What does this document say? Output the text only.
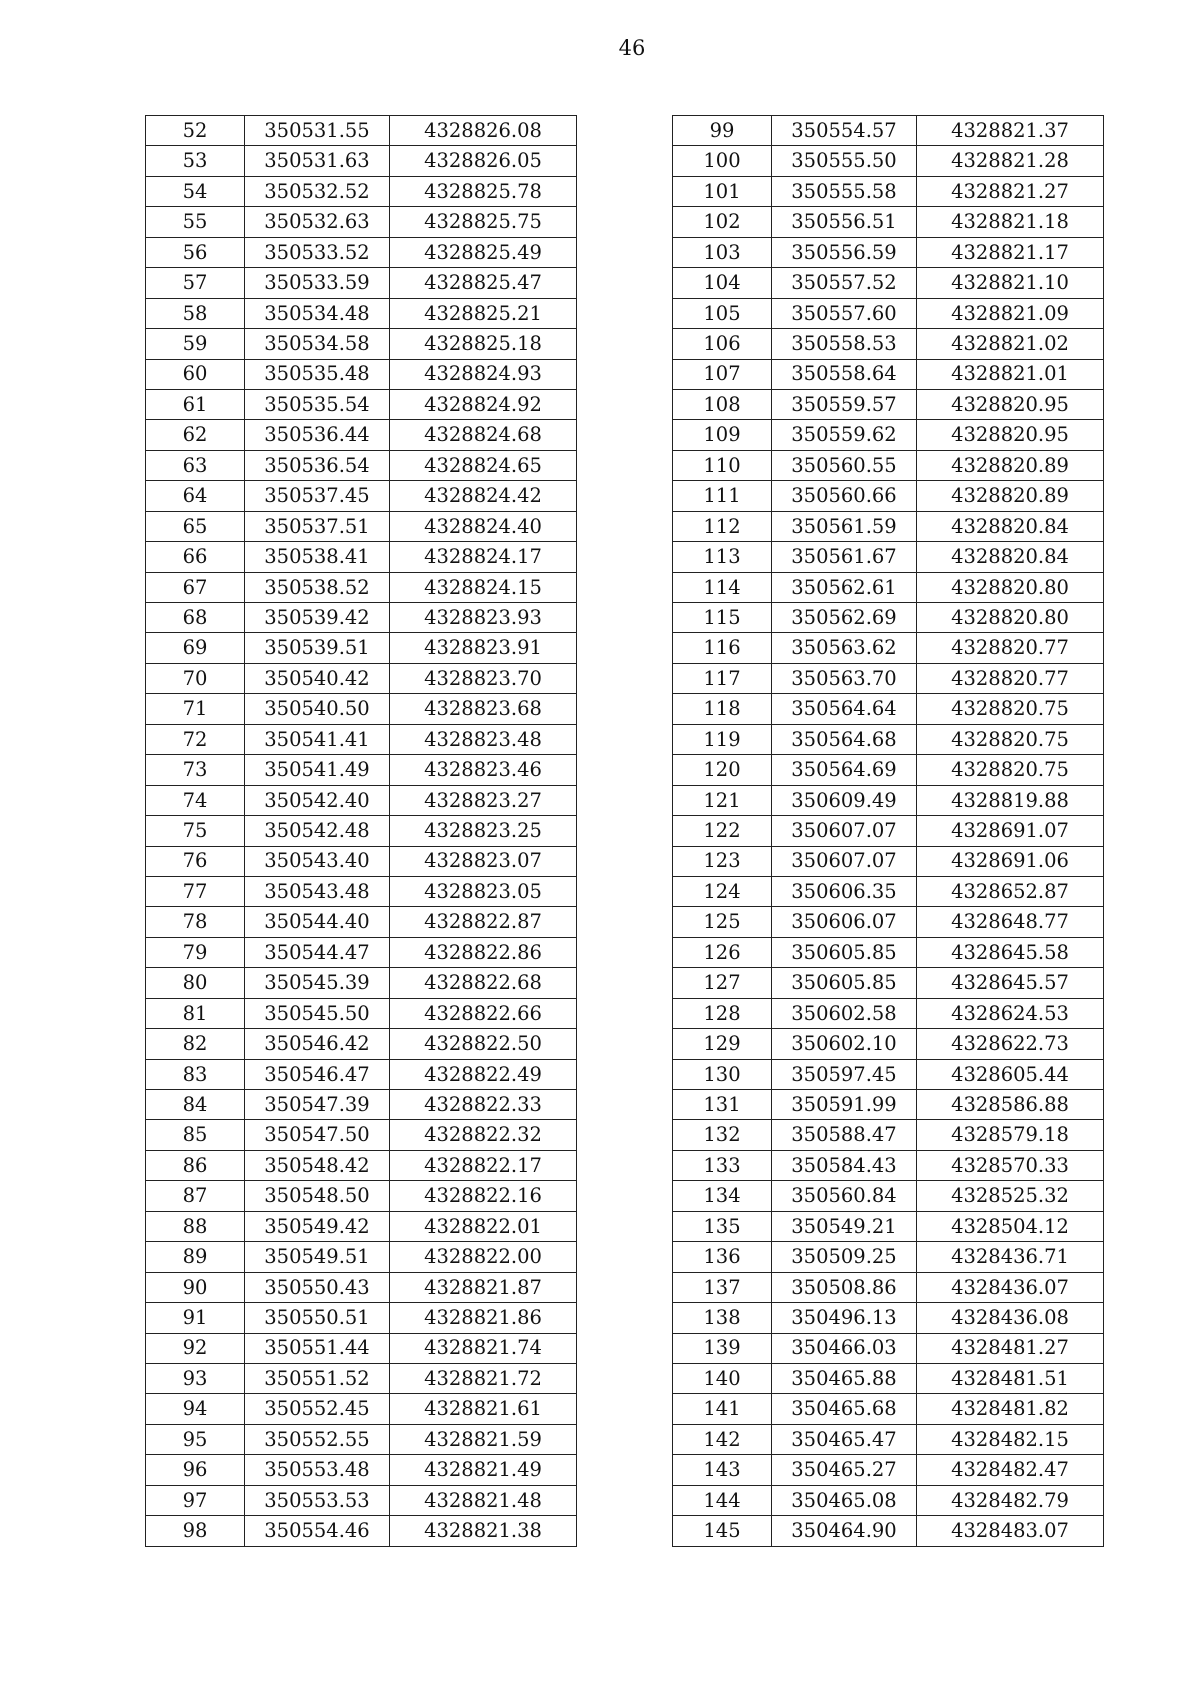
46
52	350531.55	4328826.08
53	350531.63	4328826.05
54	350532.52	4328825.78
55	350532.63	4328825.75
56	350533.52	4328825.49
57	350533.59	4328825.47
58	350534.48	4328825.21
59	350534.58	4328825.18
60	350535.48	4328824.93
61	350535.54	4328824.92
62	350536.44	4328824.68
63	350536.54	4328824.65
64	350537.45	4328824.42
65	350537.51	4328824.40
66	350538.41	4328824.17
67	350538.52	4328824.15
68	350539.42	4328823.93
69	350539.51	4328823.91
70	350540.42	4328823.70
71	350540.50	4328823.68
72	350541.41	4328823.48
73	350541.49	4328823.46
74	350542.40	4328823.27
75	350542.48	4328823.25
76	350543.40	4328823.07
77	350543.48	4328823.05
78	350544.40	4328822.87
79	350544.47	4328822.86
80	350545.39	4328822.68
81	350545.50	4328822.66
82	350546.42	4328822.50
83	350546.47	4328822.49
84	350547.39	4328822.33
85	350547.50	4328822.32
86	350548.42	4328822.17
87	350548.50	4328822.16
88	350549.42	4328822.01
89	350549.51	4328822.00
90	350550.43	4328821.87
91	350550.51	4328821.86
92	350551.44	4328821.74
93	350551.52	4328821.72
94	350552.45	4328821.61
95	350552.55	4328821.59
96	350553.48	4328821.49
97	350553.53	4328821.48
98	350554.46	4328821.38
99	350554.57	4328821.37
100	350555.50	4328821.28
101	350555.58	4328821.27
102	350556.51	4328821.18
103	350556.59	4328821.17
104	350557.52	4328821.10
105	350557.60	4328821.09
106	350558.53	4328821.02
107	350558.64	4328821.01
108	350559.57	4328820.95
109	350559.62	4328820.95
110	350560.55	4328820.89
111	350560.66	4328820.89
112	350561.59	4328820.84
113	350561.67	4328820.84
114	350562.61	4328820.80
115	350562.69	4328820.80
116	350563.62	4328820.77
117	350563.70	4328820.77
118	350564.64	4328820.75
119	350564.68	4328820.75
120	350564.69	4328820.75
121	350609.49	4328819.88
122	350607.07	4328691.07
123	350607.07	4328691.06
124	350606.35	4328652.87
125	350606.07	4328648.77
126	350605.85	4328645.58
127	350605.85	4328645.57
128	350602.58	4328624.53
129	350602.10	4328622.73
130	350597.45	4328605.44
131	350591.99	4328586.88
132	350588.47	4328579.18
133	350584.43	4328570.33
134	350560.84	4328525.32
135	350549.21	4328504.12
136	350509.25	4328436.71
137	350508.86	4328436.07
138	350496.13	4328436.08
139	350466.03	4328481.27
140	350465.88	4328481.51
141	350465.68	4328481.82
142	350465.47	4328482.15
143	350465.27	4328482.47
144	350465.08	4328482.79
145	350464.90	4328483.07
